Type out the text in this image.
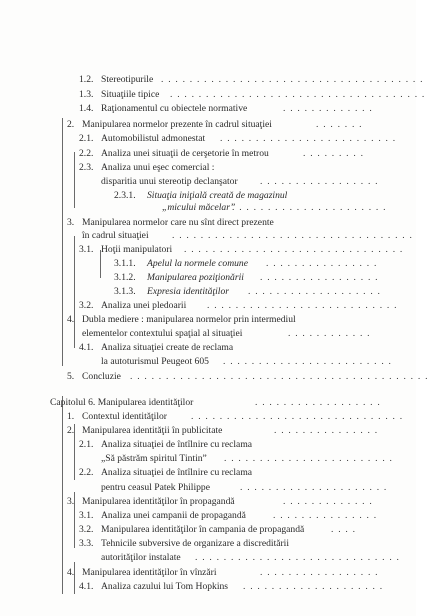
1.2. Stereotipurile . . . . . . . . . . . . . . . . . . . . . . . . . . . . . . . . . . . . .
1.3. Situaţiile tipice . . . . . . . . . . . . . . . . . . . . . . . . . . . . . . . . . . . .
1.4. Raţionamentul cu obiectele normative	. . . . . . . . . . . . .
2. Manipularea normelor prezente în cadrul situaţiei	. . . . . . .
2.1. Automobilistul admonestat . . . . . . . . . . . . . . . . . . . . . . . . .
2.2. Analiza unei situaţii de cerşetorie în metrou	. . . . . . . . .
2.3. Analiza unui eşec comercial :
disparitia unui stereotip declanşator . . . . . . . . . . . . . . . . .
2.3.1. Situaţia iniţială creată de magazinul
„micului măcelar”
. . . . . . . . . . . . . . . . . . . . . .
3. Manipularea normelor care nu sînt direct prezente
în cadrul situaţiei . . . . . . . . . . . . . . . . . . . . . . . . . . . . . . . . . .
3.1. Hoţii manipulatori . . . . . . . . . . . . . . . . . . . . . . . . . . . . . . .
3.1.1. Apelul la normele comune . . . . . . . . . . . . . . . .
3.1.2. Manipularea poziţionării . . . . . . . . . . . . . . . . .
3.1.3. Expresia identităţilor . . . . . . . . . . . . . . . . . . .
3.2. Analiza unei pledoarii . . . . . . . . . . . . . . . . . . . . . . . . . . .
4. Dubla mediere : manipularea normelor prin intermediul
elementelor contextului spaţial al situaţiei	. . . . . . . . . . . .
4.1. Analiza situaţiei create de reclama
la autoturismul Peugeot 605 . . . . . . . . . . . . . . . . . . . . . . . .
5. Concluzie . . . . . . . . . . . . . . . . . . . . . . . . . . . . . . . . . . . . . . . . . .
Capitolul 6. Manipularea identităţilor	. . . . . . . . . . . . . . . . . .
1. Contextul identităţilor	. . . . . . . . . . . . . . . . . . . . . . . . . . . . . .
2. Manipularea identităţii în publicitate	. . . . . . . . . . . . . . .
2.1. Analiza situaţiei de întîlnire cu reclama
„Să păstrăm spiritul Tintin” . . . . . . . . . . . . . . . . . . . . . . . .
2.2. Analiza situaţiei de întîlnire cu reclama
pentru ceasul Patek Philippe	. . . . . . . . . . . . . . . . . . . . .
3. Manipularea identităţilor în propagandă	. . . . . . . . . . . . .
3.1. Analiza unei campanii de propagandă	. . . . . . . . . . . . . . .
3.2. Manipularea identităţilor în campania de propagandă	. . . .
3.3. Tehnicile subversive de organizare a discreditării
autorităţilor instalate . . . . . . . . . . . . . . . . . . . . . . . . . . . . .
4. Manipularea identităţilor în vînzări	. . . . . . . . . . . . . . . . .
4.1. Analiza cazului lui Tom Hopkins . . . . . . . . . . . . . . . . . . . .
